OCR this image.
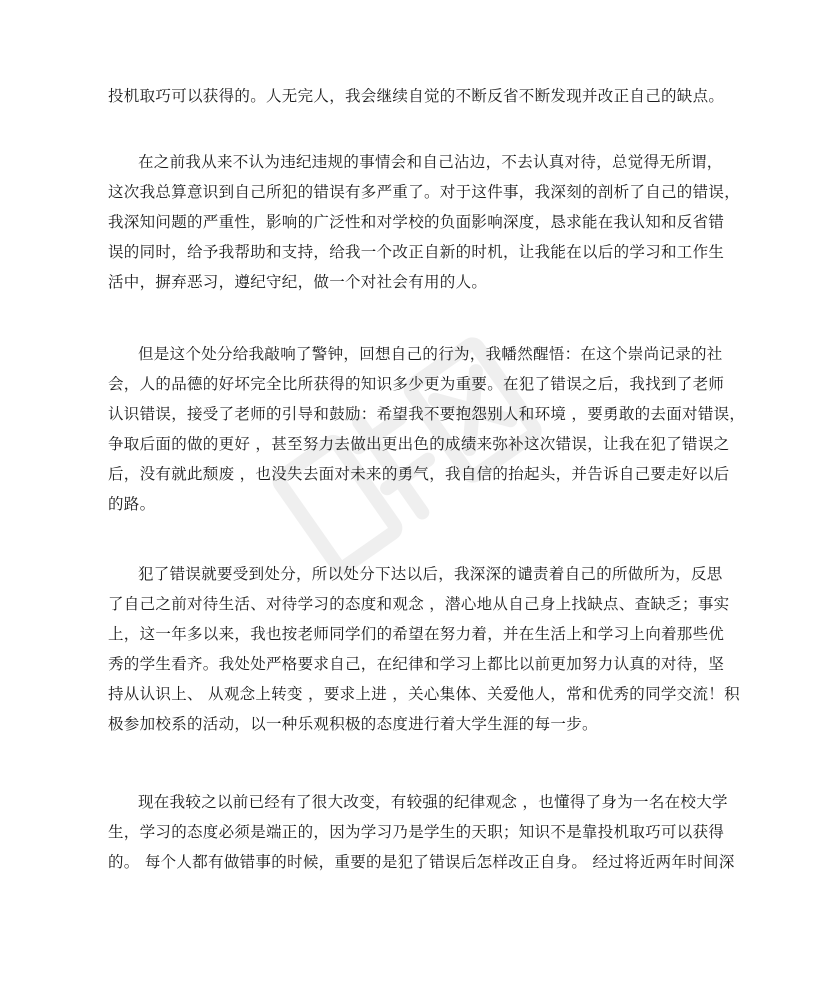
投机取巧可以获得的。人无完人，我会继续自觉的不断反省不断发现并改正自己的缺点。
在之前我从来不认为违纪违规的事情会和自己沾边，不去认真对待，总觉得无所谓，
这次我总算意识到自己所犯的错误有多严重了。对于这件事，我深刻的剖析了自己的错误，
我深知问题的严重性，影响的广泛性和对学校的负面影响深度，恳求能在我认知和反省错
误的同时，给予我帮助和支持，给我一个改正自新的时机，让我能在以后的学习和工作生
活中，摒弃恶习，遵纪守纪，做一个对社会有用的人。
但是这个处分给我敲响了警钟，回想自己的行为，我幡然醒悟：在这个崇尚记录的社
会，人的品德的好坏完全比所获得的知识多少更为重要。在犯了错误之后，我找到了老师
认识错误，接受了老师的引导和鼓励：希望我不要抱怨别人和环境 ，要勇敢的去面对错误，
争取后面的做的更好 ，甚至努力去做出更出色的成绩来弥补这次错误，让我在犯了错误之
后，没有就此颓废 ，也没失去面对未来的勇气，我自信的抬起头，并告诉自己要走好以后
的路。
犯了错误就要受到处分，所以处分下达以后，我深深的谴责着自己的所做所为，反思
了自己之前对待生活、对待学习的态度和观念 ，潜心地从自己身上找缺点、查缺乏；事实
上，这一年多以来，我也按老师同学们的希望在努力着，并在生活上和学习上向着那些优
秀的学生看齐。我处处严格要求自己，在纪律和学习上都比以前更加努力认真的对待，坚
持从认识上、 从观念上转变 ，要求上进 ，关心集体、关爱他人，常和优秀的同学交流！积
极参加校系的活动，以一种乐观积极的态度进行着大学生涯的每一步。
现在我较之以前已经有了很大改变，有较强的纪律观念 ，也懂得了身为一名在校大学
生，学习的态度必须是端正的，因为学习乃是学生的天职；知识不是靠投机取巧可以获得
的。 每个人都有做错事的时候，重要的是犯了错误后怎样改正自身。 经过将近两年时间深
